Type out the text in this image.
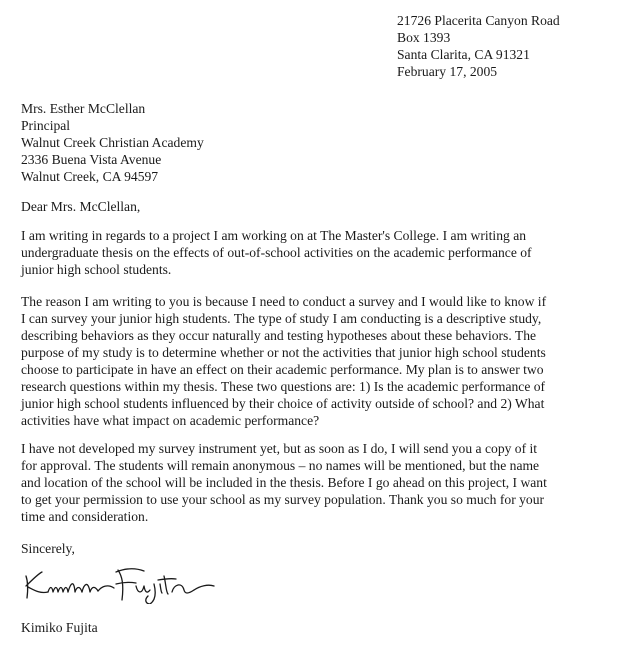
21726 Placerita Canyon Road
Box 1393
Santa Clarita, CA 91321
February 17, 2005
Mrs. Esther McClellan
Principal
Walnut Creek Christian Academy
2336 Buena Vista Avenue
Walnut Creek, CA 94597
Dear Mrs. McClellan,
I am writing in regards to a project I am working on at The Master's College. I am writing an
undergraduate thesis on the effects of out-of-school activities on the academic performance of
junior high school students.
The reason I am writing to you is because I need to conduct a survey and I would like to know if
I can survey your junior high students. The type of study I am conducting is a descriptive study,
describing behaviors as they occur naturally and testing hypotheses about these behaviors. The
purpose of my study is to determine whether or not the activities that junior high school students
choose to participate in have an effect on their academic performance. My plan is to answer two
research questions within my thesis. These two questions are: 1) Is the academic performance of
junior high school students influenced by their choice of activity outside of school? and 2) What
activities have what impact on academic performance?
I have not developed my survey instrument yet, but as soon as I do, I will send you a copy of it
for approval. The students will remain anonymous – no names will be mentioned, but the name
and location of the school will be included in the thesis. Before I go ahead on this project, I want
to get your permission to use your school as my survey population. Thank you so much for your
time and consideration.
Sincerely,
Kimiko Fujita
